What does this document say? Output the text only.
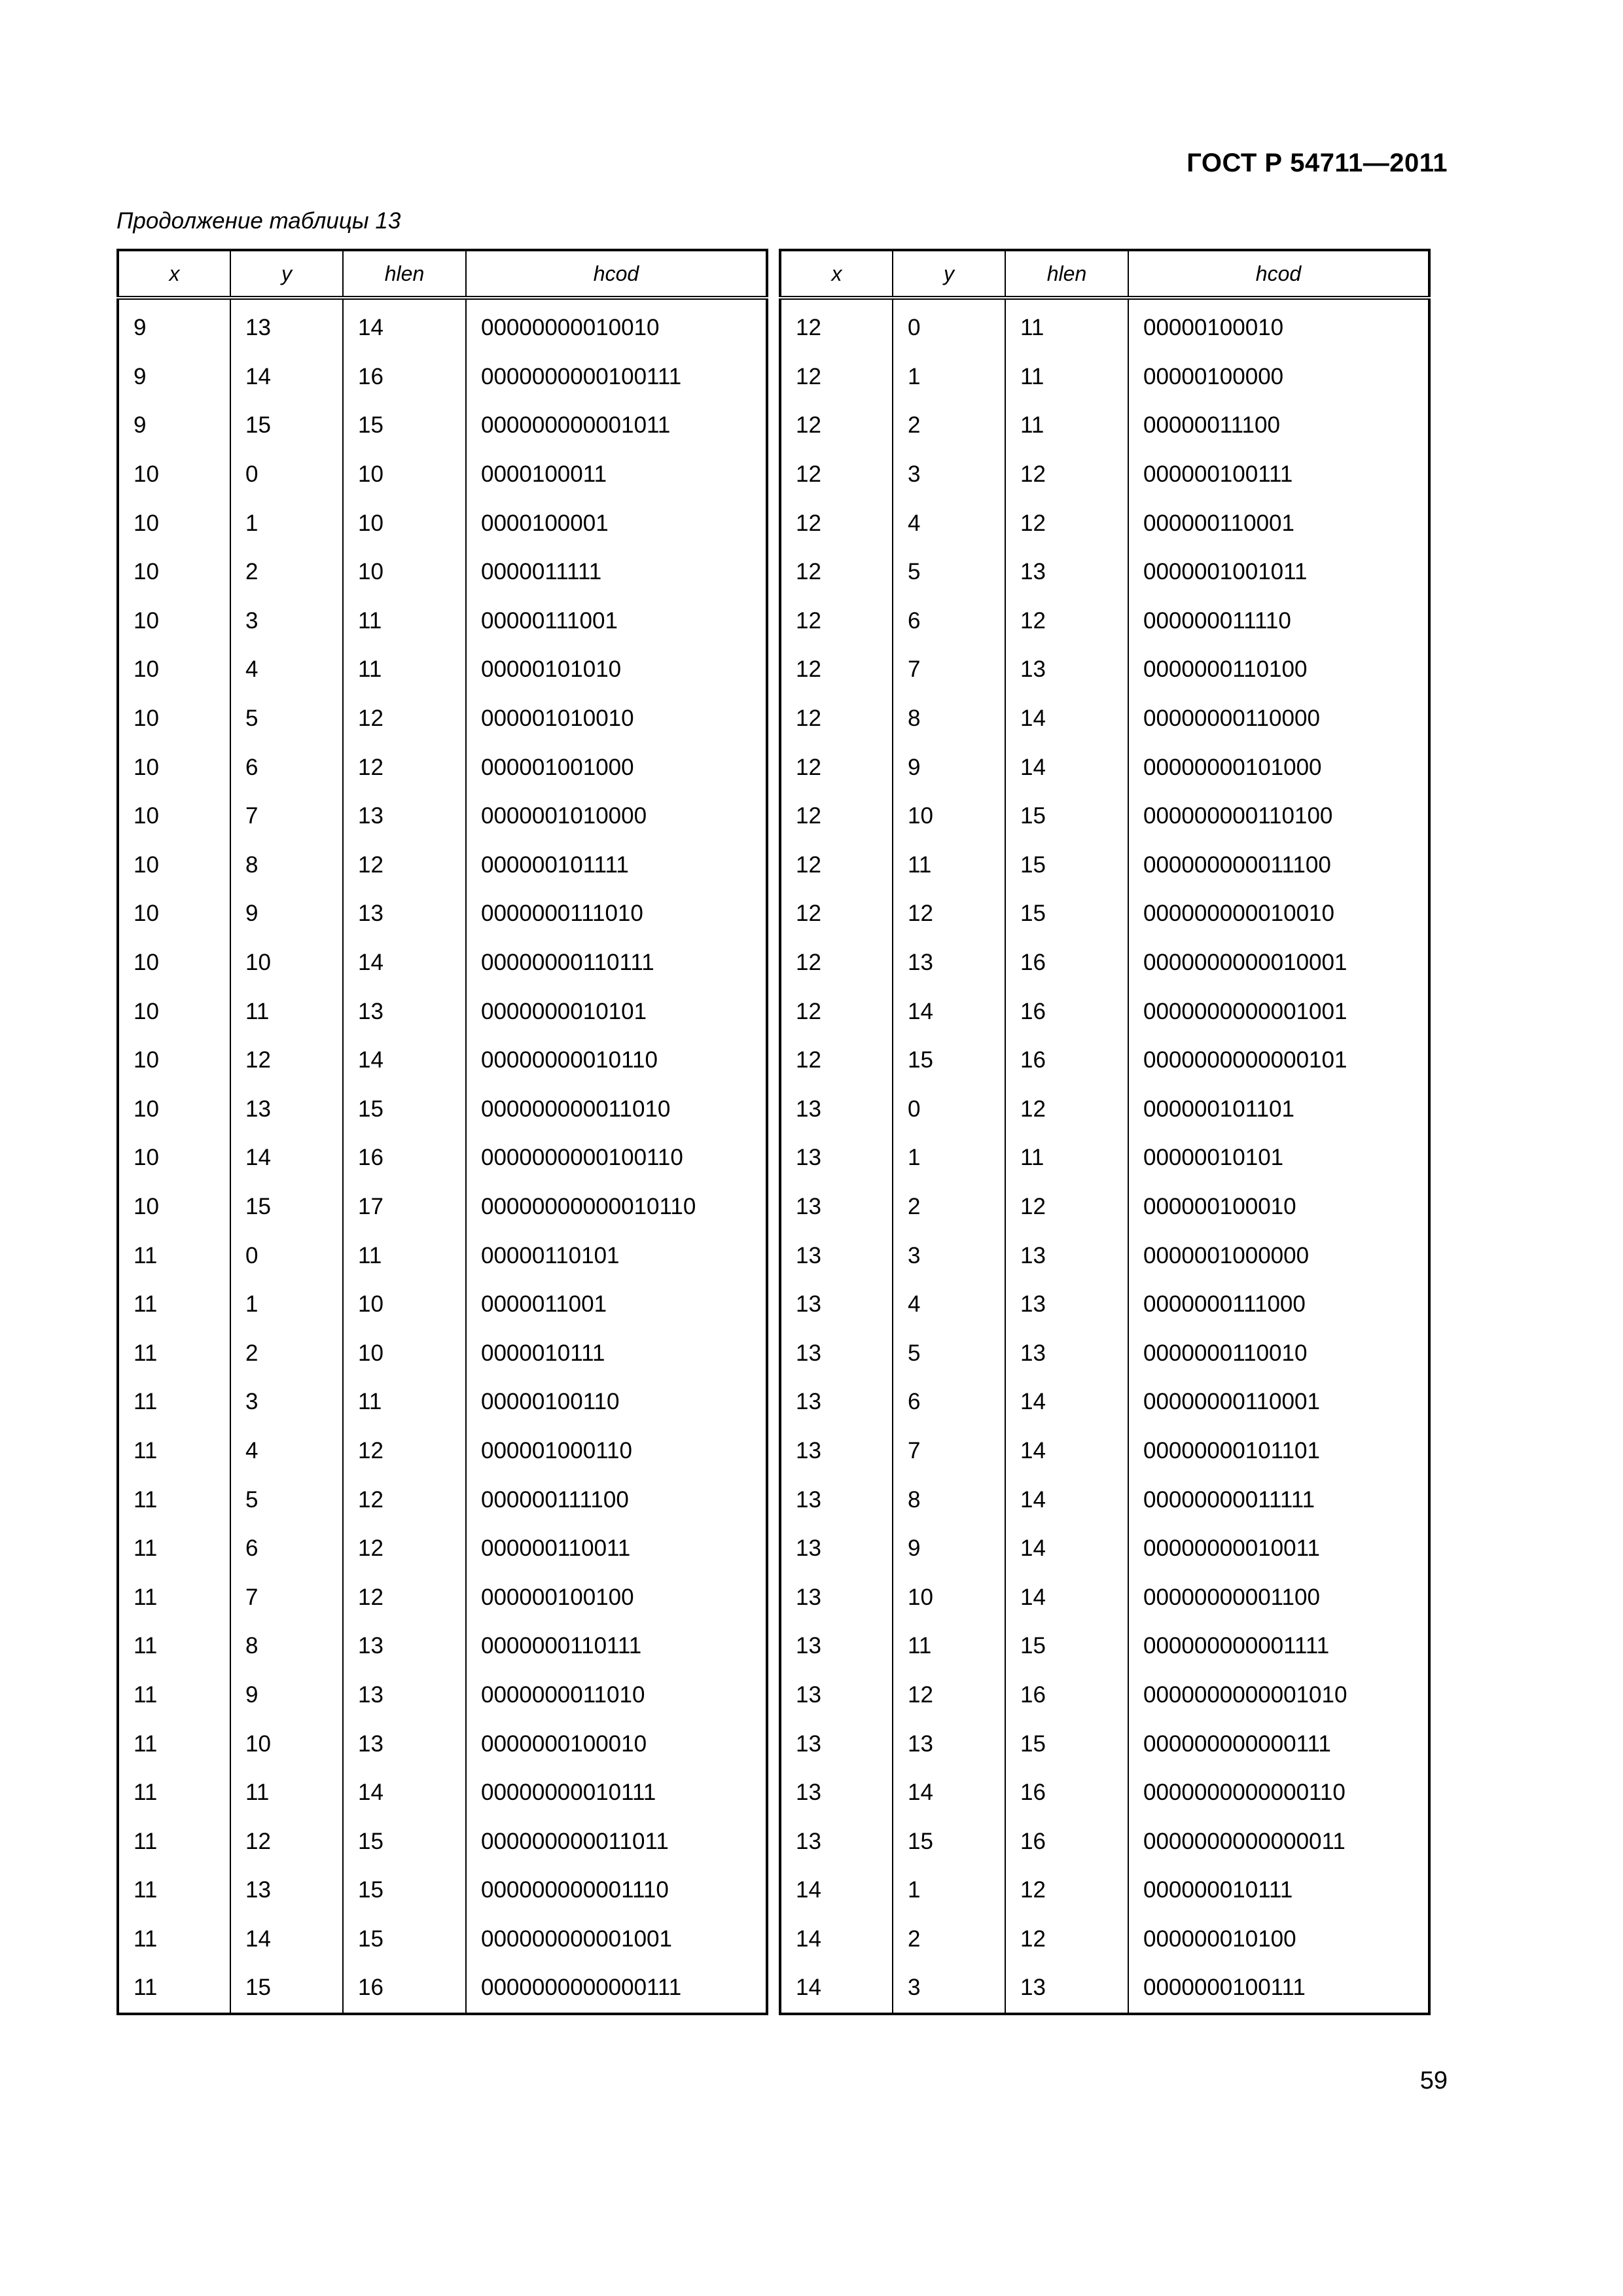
ГОСТ Р 54711—2011
Продолжение таблицы 13
x	y	hlen	hcod
9	13	14	00000000010010
9	14	16	0000000000100111
9	15	15	000000000001011
10	0	10	0000100011
10	1	10	0000100001
10	2	10	0000011111
10	3	11	00000111001
10	4	11	00000101010
10	5	12	000001010010
10	6	12	000001001000
10	7	13	0000001010000
10	8	12	000000101111
10	9	13	0000000111010
10	10	14	00000000110111
10	11	13	0000000010101
10	12	14	00000000010110
10	13	15	000000000011010
10	14	16	0000000000100110
10	15	17	00000000000010110
11	0	11	00000110101
11	1	10	0000011001
11	2	10	0000010111
11	3	11	00000100110
11	4	12	000001000110
11	5	12	000000111100
11	6	12	000000110011
11	7	12	000000100100
11	8	13	0000000110111
11	9	13	0000000011010
11	10	13	0000000100010
11	11	14	00000000010111
11	12	15	000000000011011
11	13	15	000000000001110
11	14	15	000000000001001
11	15	16	0000000000000111
x	y	hlen	hcod
12	0	11	00000100010
12	1	11	00000100000
12	2	11	00000011100
12	3	12	000000100111
12	4	12	000000110001
12	5	13	0000001001011
12	6	12	000000011110
12	7	13	0000000110100
12	8	14	00000000110000
12	9	14	00000000101000
12	10	15	000000000110100
12	11	15	000000000011100
12	12	15	000000000010010
12	13	16	0000000000010001
12	14	16	0000000000001001
12	15	16	0000000000000101
13	0	12	000000101101
13	1	11	00000010101
13	2	12	000000100010
13	3	13	0000001000000
13	4	13	0000000111000
13	5	13	0000000110010
13	6	14	00000000110001
13	7	14	00000000101101
13	8	14	00000000011111
13	9	14	00000000010011
13	10	14	00000000001100
13	11	15	000000000001111
13	12	16	0000000000001010
13	13	15	000000000000111
13	14	16	0000000000000110
13	15	16	0000000000000011
14	1	12	000000010111
14	2	12	000000010100
14	3	13	0000000100111
59
